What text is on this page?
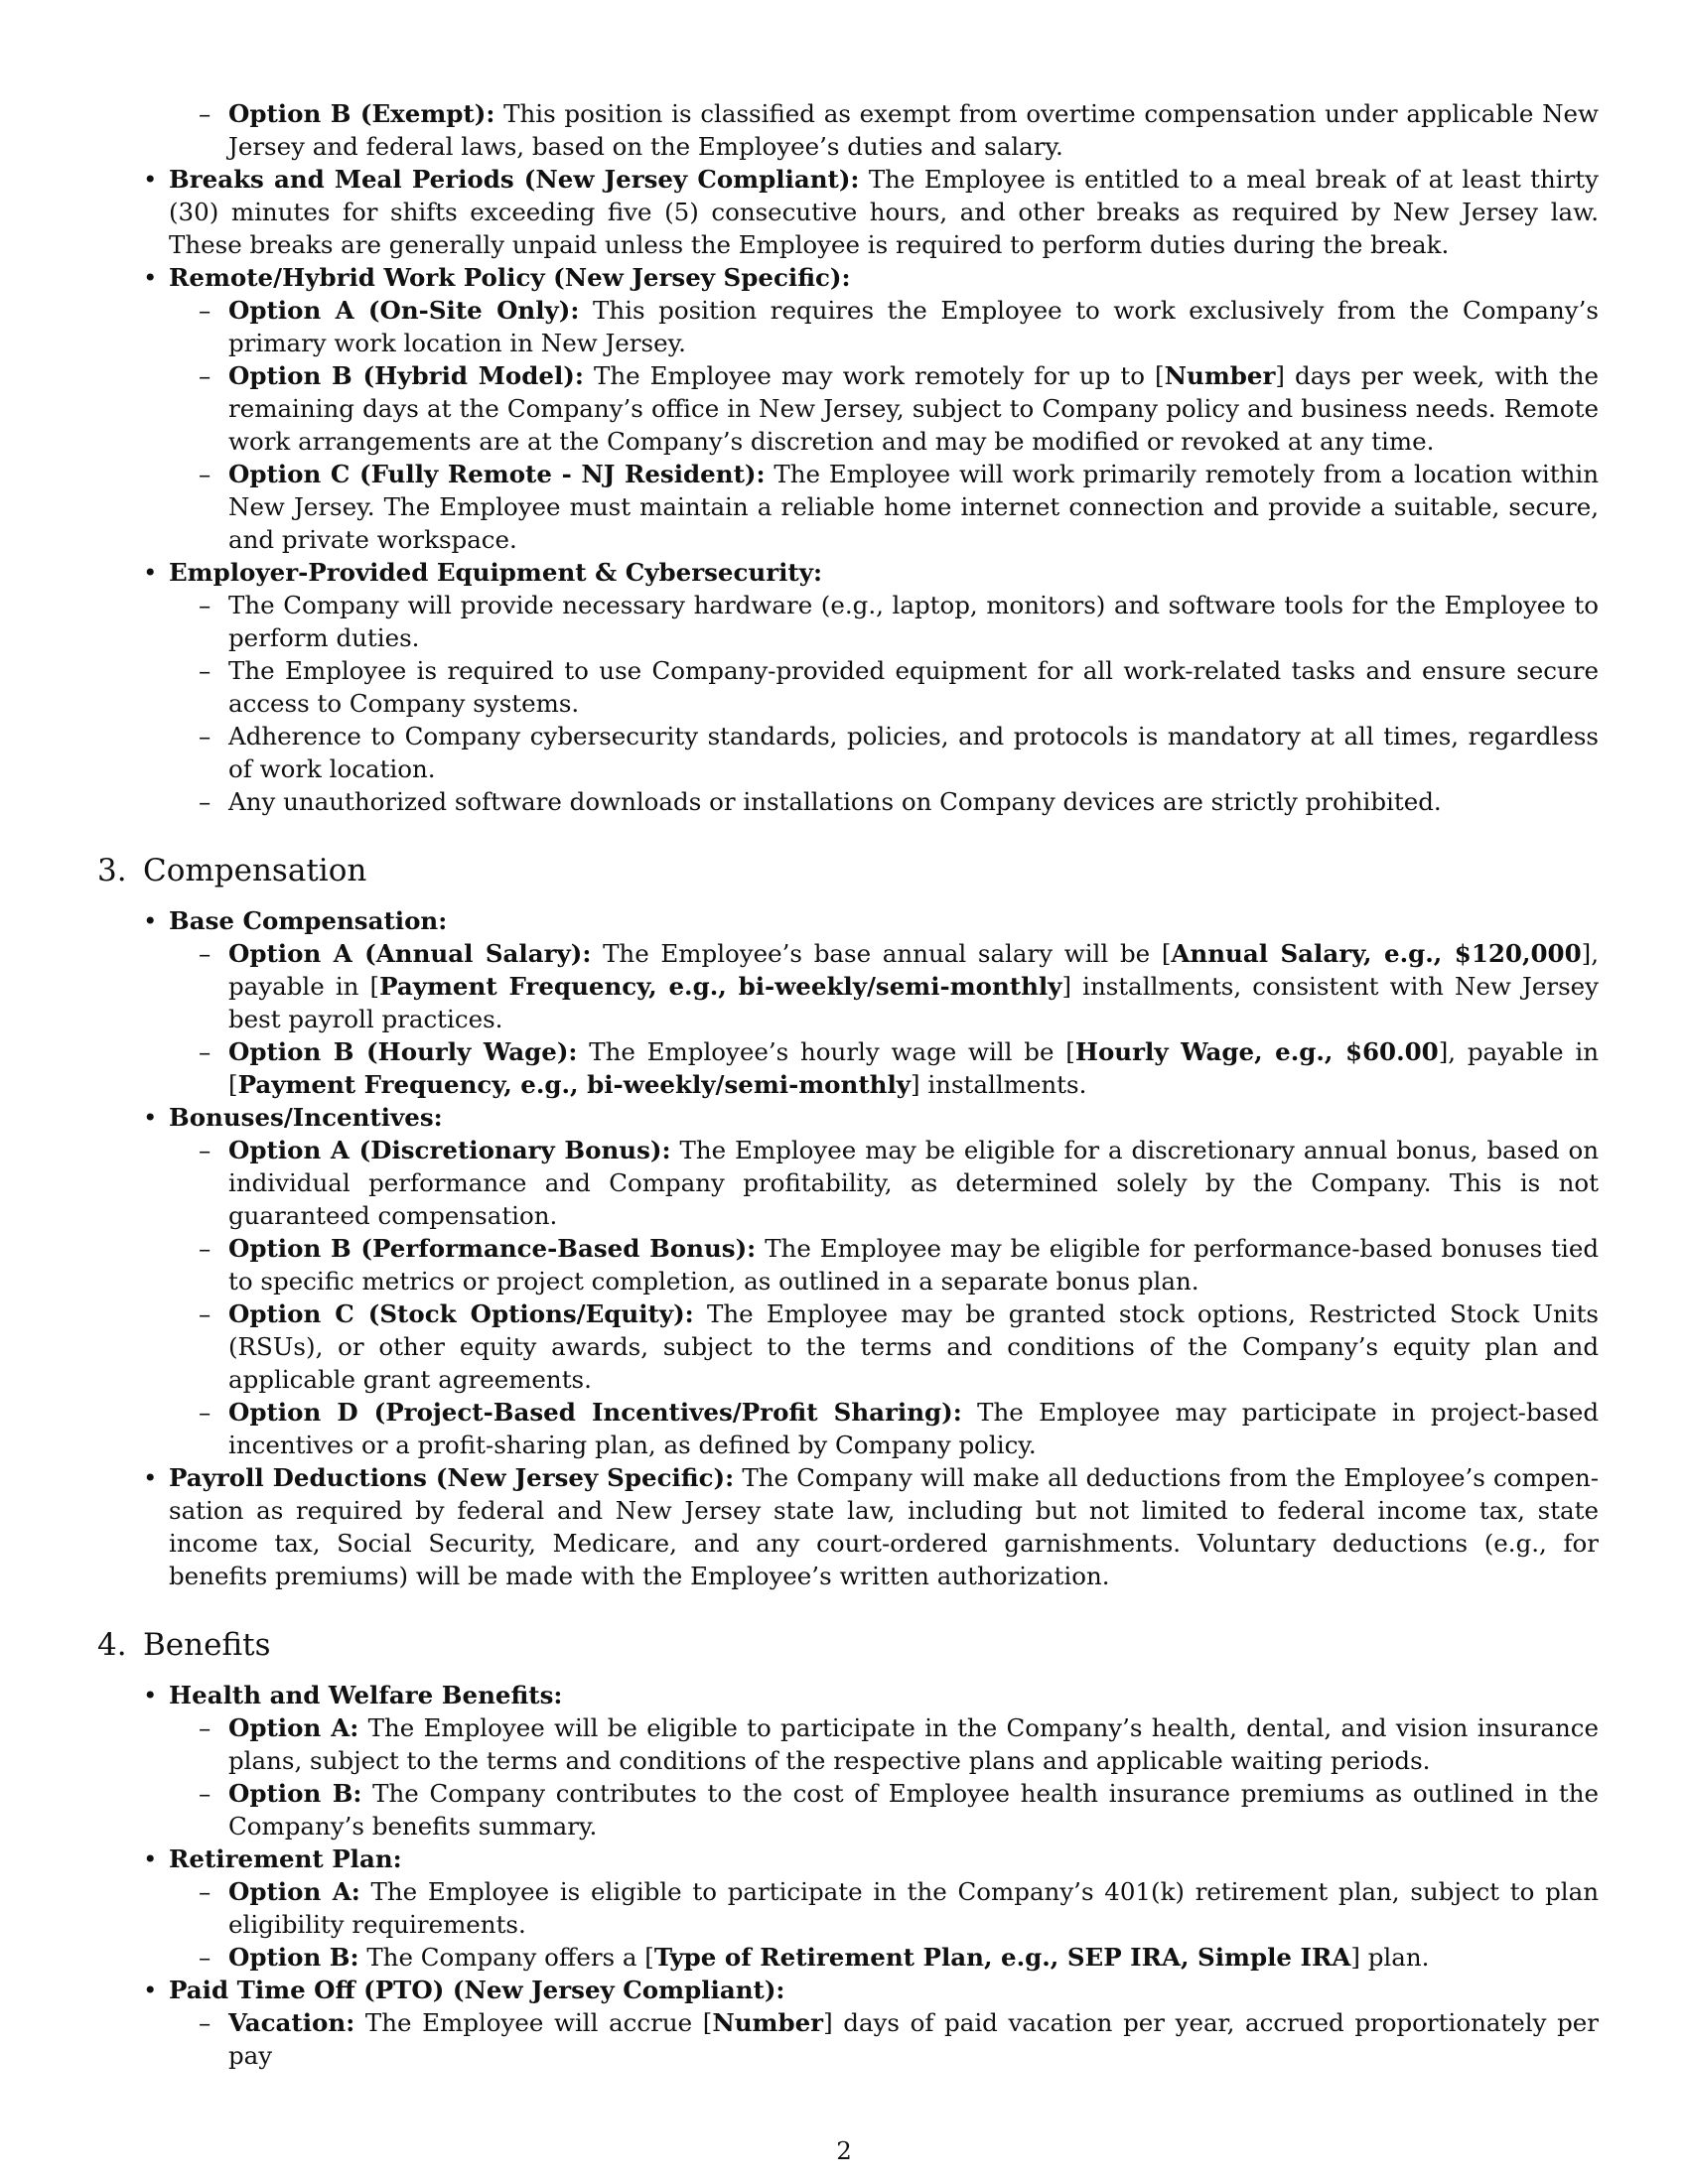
– Option B (Exempt): This position is classified as exempt from overtime compensation under applicable New Jersey and federal laws, based on the Employee’s duties and salary.
• Breaks and Meal Periods (New Jersey Compliant): The Employee is entitled to a meal break of at least thirty (30) minutes for shifts exceeding five (5) consecutive hours, and other breaks as required by New Jersey law. These breaks are generally unpaid unless the Employee is required to perform duties during the break.
• Remote/Hybrid Work Policy (New Jersey Specific):
– Option A (On-Site Only): This position requires the Employee to work exclusively from the Company’s primary work location in New Jersey.
– Option B (Hybrid Model): The Employee may work remotely for up to [Number] days per week, with the remaining days at the Company’s office in New Jersey, subject to Company policy and business needs. Remote work arrangements are at the Company’s discretion and may be modified or revoked at any time.
– Option C (Fully Remote - NJ Resident): The Employee will work primarily remotely from a location within New Jersey. The Employee must maintain a reliable home internet connection and provide a suitable, secure, and private workspace.
• Employer-Provided Equipment & Cybersecurity:
– The Company will provide necessary hardware (e.g., laptop, monitors) and software tools for the Employee to perform duties.
– The Employee is required to use Company-provided equipment for all work-related tasks and ensure secure access to Company systems.
– Adherence to Company cybersecurity standards, policies, and protocols is mandatory at all times, regardless of work location.
– Any unauthorized software downloads or installations on Company devices are strictly prohibited.
3. Compensation
• Base Compensation:
– Option A (Annual Salary): The Employee’s base annual salary will be [Annual Salary, e.g., $120,000], payable in [Payment Frequency, e.g., bi-weekly/semi-monthly] installments, consistent with New Jersey best payroll practices.
– Option B (Hourly Wage): The Employee’s hourly wage will be [Hourly Wage, e.g., $60.00], payable in [Payment Frequency, e.g., bi-weekly/semi-monthly] installments.
• Bonuses/Incentives:
– Option A (Discretionary Bonus): The Employee may be eligible for a discretionary annual bonus, based on individual performance and Company profitability, as determined solely by the Company. This is not guaranteed compensation.
– Option B (Performance-Based Bonus): The Employee may be eligible for performance-based bonuses tied to specific metrics or project completion, as outlined in a separate bonus plan.
– Option C (Stock Options/Equity): The Employee may be granted stock options, Restricted Stock Units (RSUs), or other equity awards, subject to the terms and conditions of the Company’s equity plan and applicable grant agreements.
– Option D (Project-Based Incentives/Profit Sharing): The Employee may participate in project-based incentives or a profit-sharing plan, as defined by Company policy.
• Payroll Deductions (New Jersey Specific): The Company will make all deductions from the Employee’s compen-sation as required by federal and New Jersey state law, including but not limited to federal income tax, state income tax, Social Security, Medicare, and any court-ordered garnishments. Voluntary deductions (e.g., for benefits premiums) will be made with the Employee’s written authorization.
4. Benefits
• Health and Welfare Benefits:
– Option A: The Employee will be eligible to participate in the Company’s health, dental, and vision insurance plans, subject to the terms and conditions of the respective plans and applicable waiting periods.
– Option B: The Company contributes to the cost of Employee health insurance premiums as outlined in the Company’s benefits summary.
• Retirement Plan:
– Option A: The Employee is eligible to participate in the Company’s 401(k) retirement plan, subject to plan eligibility requirements.
– Option B: The Company offers a [Type of Retirement Plan, e.g., SEP IRA, Simple IRA] plan.
• Paid Time Off (PTO) (New Jersey Compliant):
– Vacation: The Employee will accrue [Number] days of paid vacation per year, accrued proportionately per pay
2
